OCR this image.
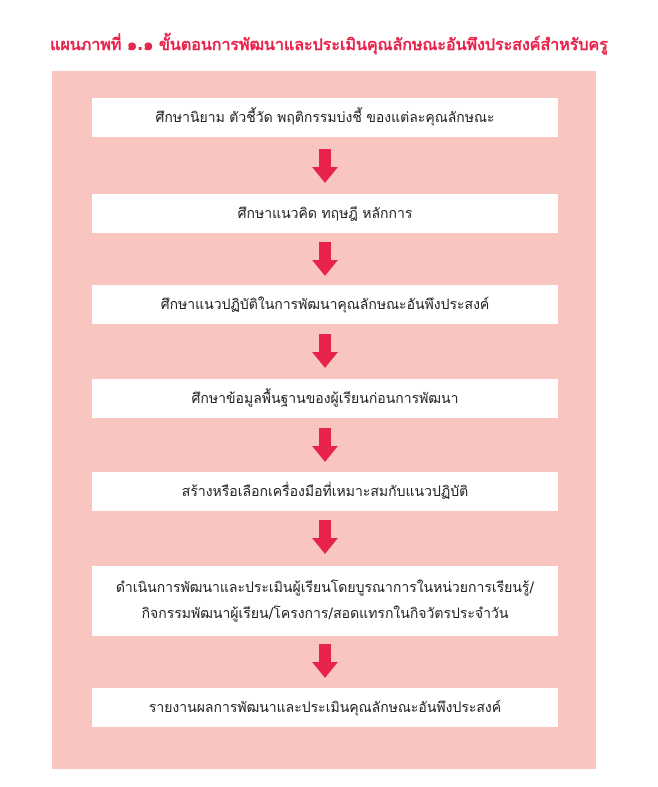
แผนภาพที่ ๑.๑ ขั้นตอนการพัฒนาและประเมินคุณลักษณะอันพึงประสงค์สำหรับครู
ศึกษานิยาม ตัวชี้วัด พฤติกรรมบ่งชี้ ของแต่ละคุณลักษณะ
ศึกษาแนวคิด ทฤษฎี หลักการ
ศึกษาแนวปฏิบัติในการพัฒนาคุณลักษณะอันพึงประสงค์
ศึกษาข้อมูลพื้นฐานของผู้เรียนก่อนการพัฒนา
สร้างหรือเลือกเครื่องมือที่เหมาะสมกับแนวปฏิบัติ
ดำเนินการพัฒนาและประเมินผู้เรียนโดยบูรณาการในหน่วยการเรียนรู้/
กิจกรรมพัฒนาผู้เรียน/โครงการ/สอดแทรกในกิจวัตรประจำวัน
รายงานผลการพัฒนาและประเมินคุณลักษณะอันพึงประสงค์
